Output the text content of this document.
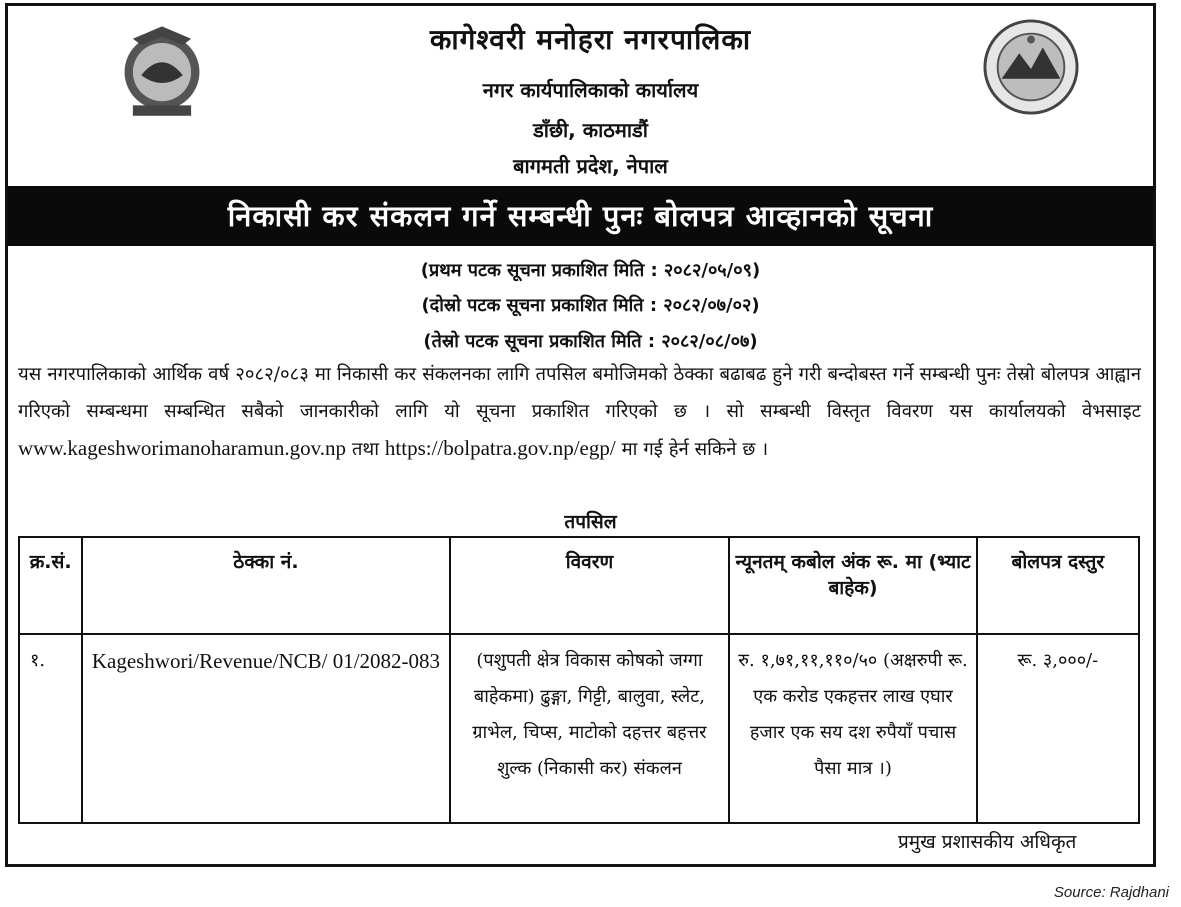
कागेश्वरी मनोहरा नगरपालिका
नगर कार्यपालिकाको कार्यालय
डाँछी, काठमाडौं
बागमती प्रदेश, नेपाल
निकासी कर संकलन गर्ने सम्बन्धी पुनः बोलपत्र आव्हानको सूचना
(प्रथम पटक सूचना प्रकाशित मिति : २०८२/०५/०९)
(दोस्रो पटक सूचना प्रकाशित मिति : २०८२/०७/०२)
(तेस्रो पटक सूचना प्रकाशित मिति : २०८२/०८/०७)
यस नगरपालिकाको आर्थिक वर्ष २०८२/०८३ मा निकासी कर संकलनका लागि तपसिल बमोजिमको ठेक्का बढाबढ हुने गरी बन्दोबस्त गर्ने सम्बन्धी पुनः तेस्रो बोलपत्र आह्वान गरिएको सम्बन्धमा सम्बन्धित सबैको जानकारीको लागि यो सूचना प्रकाशित गरिएको छ । सो सम्बन्धी विस्तृत विवरण यस कार्यालयको वेभसाइट www.kageshworimanoharamun.gov.np तथा https://bolpatra.gov.np/egp/ मा गई हेर्न सकिने छ ।
तपसिल
क्र.सं.	ठेक्का नं.	विवरण	न्यूनतम् कबोल अंक रू. मा (भ्याट बाहेक)	बोलपत्र दस्तुर
१.	Kageshwori/Revenue/NCB/ 01/2082-083	(पशुपती क्षेत्र विकास कोषको जग्गा बाहेकमा) ढुङ्गा, गिट्टी, बालुवा, स्लेट, ग्राभेल, चिप्स, माटोको दहत्तर बहत्तर शुल्क (निकासी कर) संकलन	रु. १,७१,११,११०/५० (अक्षरुपी रू. एक करोड एकहत्तर लाख एघार हजार एक सय दश रुपैयाँ पचास पैसा मात्र ।)	रू. ३,०००/-
प्रमुख प्रशासकीय अधिकृत
Source: Rajdhani
